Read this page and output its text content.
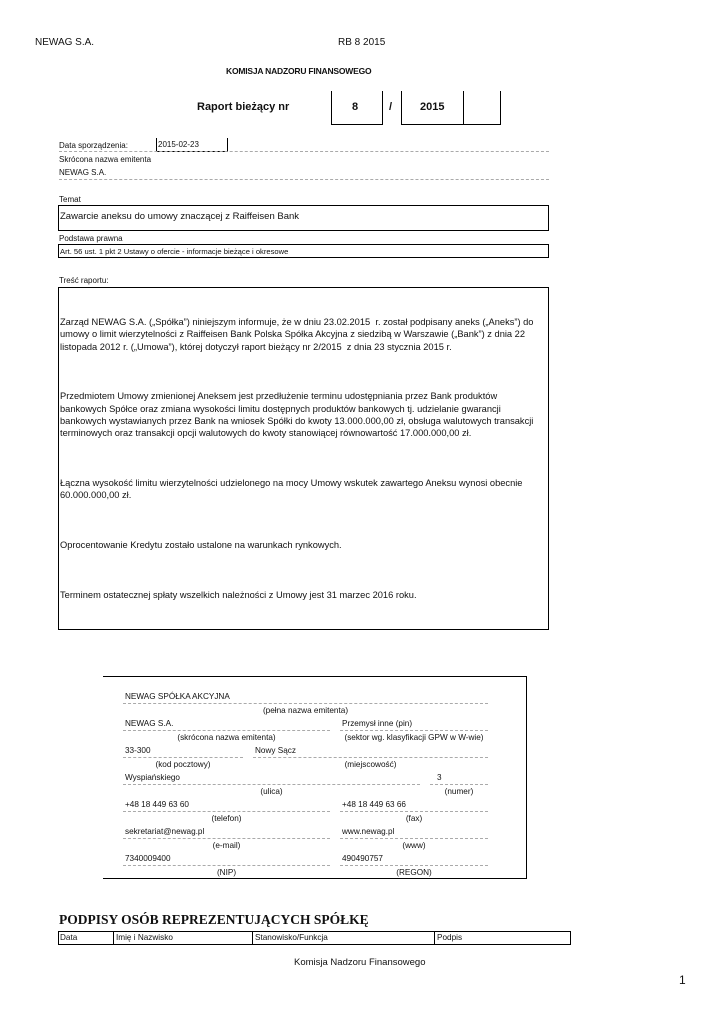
NEWAG S.A.	RB 8 2015
KOMISJA NADZORU FINANSOWEGO
Raport bieżący nr	8	/	2015
Data sporządzenia:	2015-02-23
Skrócona nazwa emitenta
NEWAG S.A.
Temat
Zawarcie aneksu do umowy znaczącej z Raiffeisen Bank
Podstawa prawna
Art. 56 ust. 1 pkt 2 Ustawy o ofercie - informacje bieżące i okresowe
Treść raportu:

Zarząd NEWAG S.A. („Spółka”) niniejszym informuje, że w dniu 23.02.2015  r. został podpisany aneks („Aneks”) do
umowy o limit wierzytelności z Raiffeisen Bank Polska Spółka Akcyjna z siedzibą w Warszawie („Bank”) z dnia 22
listopada 2012 r. („Umowa”), której dotyczył raport bieżący nr 2/2015  z dnia 23 stycznia 2015 r.

Przedmiotem Umowy zmienionej Aneksem jest przedłużenie terminu udostępniania przez Bank produktów
bankowych Spółce oraz zmiana wysokości limitu dostępnych produktów bankowych tj. udzielanie gwarancji
bankowych wystawianych przez Bank na wniosek Spółki do kwoty 13.000.000,00 zł, obsługa walutowych transakcji
terminowych oraz transakcji opcji walutowych do kwoty stanowiącej równowartość 17.000.000,00 zł.

Łączna wysokość limitu wierzytelności udzielonego na mocy Umowy wskutek zawartego Aneksu wynosi obecnie
60.000.000,00 zł.

Oprocentowanie Kredytu zostało ustalone na warunkach rynkowych.

Terminem ostatecznej spłaty wszelkich należności z Umowy jest 31 marzec 2016 roku.

NEWAG SPÓŁKA AKCYJNA
(pełna nazwa emitenta)
NEWAG S.A.
(skrócona nazwa emitenta)
Przemysł inne (pin)
(sektor wg. klasyfikacji GPW w W-wie)
33-300
(kod pocztowy)
Nowy Sącz
(miejscowość)
Wyspiańskiego
(ulica)
3
(numer)
+48 18 449 63 60
(telefon)
+48 18 449 63 66
(fax)
sekretariat@newag.pl
(e-mail)
www.newag.pl
(www)
7340009400
(NIP)
490490757
(REGON)
PODPISY OSÓB REPREZENTUJĄCYCH SPÓŁKĘ
Data	Imię i Nazwisko	Stanowisko/Funkcja	Podpis
Komisja Nadzoru Finansowego
1
